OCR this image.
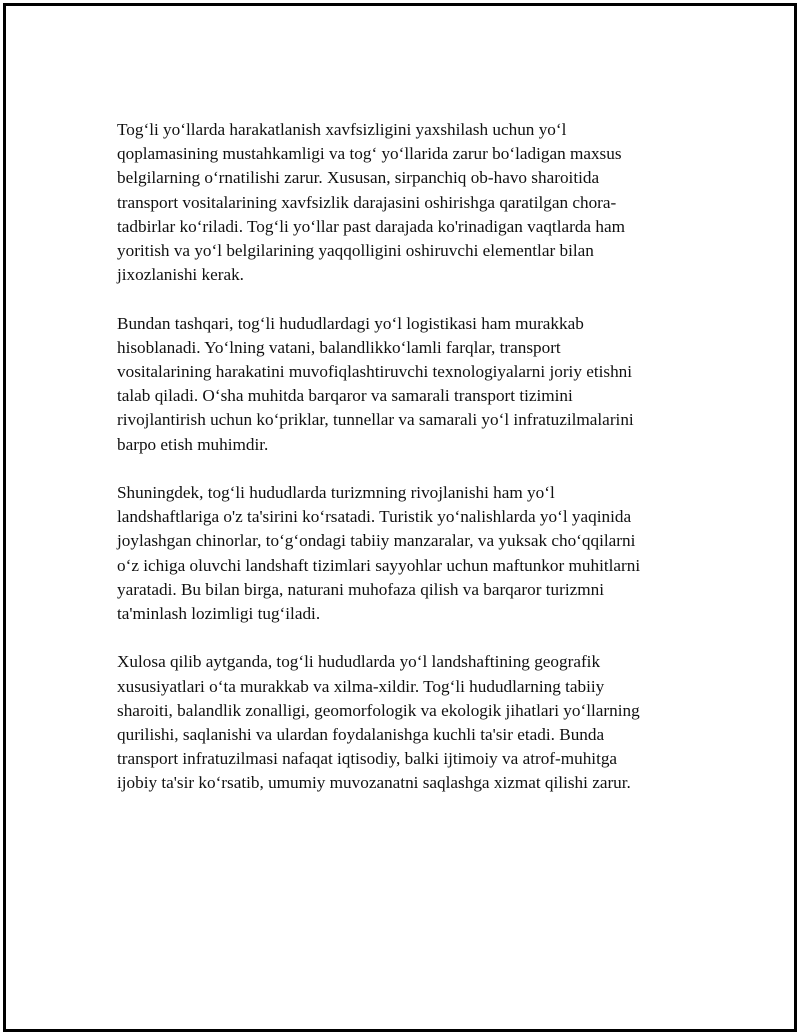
Tog‘li yo‘llarda harakatlanish xavfsizligini yaxshilash uchun yo‘l
qoplamasining mustahkamligi va tog‘ yo‘llarida zarur bo‘ladigan maxsus
belgilarning o‘rnatilishi zarur. Xususan, sirpanchiq ob-havo sharoitida
transport vositalarining xavfsizlik darajasini oshirishga qaratilgan chora-
tadbirlar ko‘riladi. Tog‘li yo‘llar past darajada ko'rinadigan vaqtlarda ham
yoritish va yo‘l belgilarining yaqqolligini oshiruvchi elementlar bilan
jixozlanishi kerak.

Bundan tashqari, tog‘li hududlardagi yo‘l logistikasi ham murakkab
hisoblanadi. Yo‘lning vatani, balandlikko‘lamli farqlar, transport
vositalarining harakatini muvofiqlashtiruvchi texnologiyalarni joriy etishni
talab qiladi. O‘sha muhitda barqaror va samarali transport tizimini
rivojlantirish uchun ko‘priklar, tunnellar va samarali yo‘l infratuzilmalarini
barpo etish muhimdir.

Shuningdek, tog‘li hududlarda turizmning rivojlanishi ham yo‘l
landshaftlariga o'z ta'sirini ko‘rsatadi. Turistik yo‘nalishlarda yo‘l yaqinida
joylashgan chinorlar, to‘g‘ondagi tabiiy manzaralar, va yuksak cho‘qqilarni
o‘z ichiga oluvchi landshaft tizimlari sayyohlar uchun maftunkor muhitlarni
yaratadi. Bu bilan birga, naturani muhofaza qilish va barqaror turizmni
ta'minlash lozimligi tug‘iladi.

Xulosa qilib aytganda, tog‘li hududlarda yo‘l landshaftining geografik
xususiyatlari o‘ta murakkab va xilma-xildir. Tog‘li hududlarning tabiiy
sharoiti, balandlik zonalligi, geomorfologik va ekologik jihatlari yo‘llarning
qurilishi, saqlanishi va ulardan foydalanishga kuchli ta'sir etadi. Bunda
transport infratuzilmasi nafaqat iqtisodiy, balki ijtimoiy va atrof-muhitga
ijobiy ta'sir ko‘rsatib, umumiy muvozanatni saqlashga xizmat qilishi zarur.
